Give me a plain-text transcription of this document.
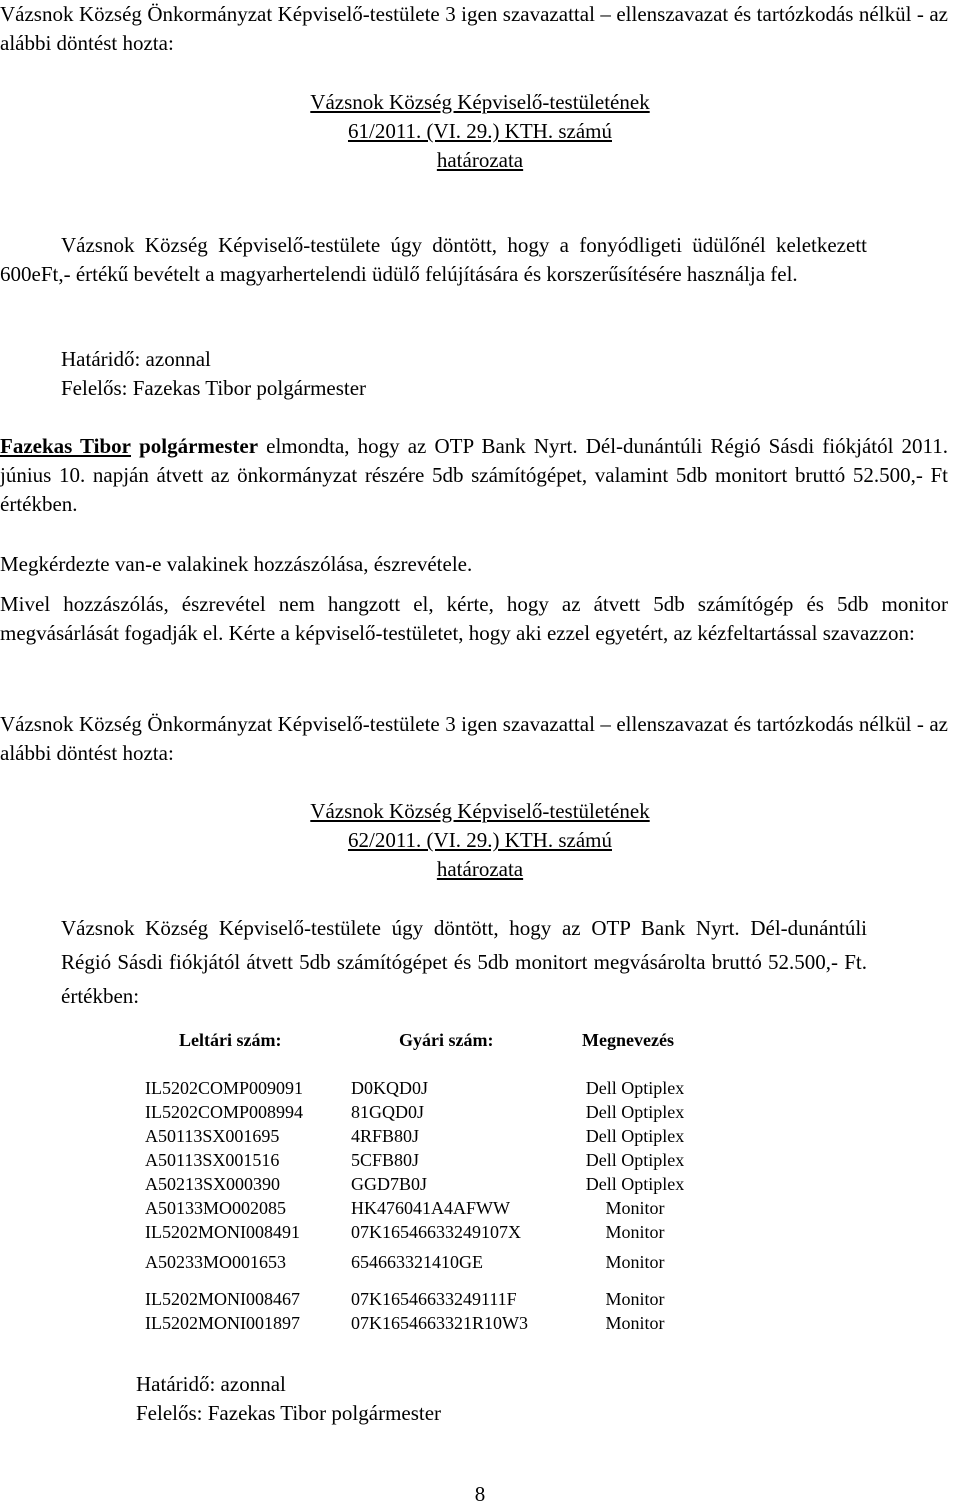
Vázsnok Község Önkormányzat Képviselő-testülete 3 igen szavazattal – ellenszavazat és tartózkodás nélkül - az alábbi döntést hozta:

Vázsnok Község Képviselő-testületének
61/2011. (VI. 29.) KTH. számú
határozata

Vázsnok Község Képviselő-testülete úgy döntött, hogy a fonyódligeti üdülőnél keletkezett 600eFt,- értékű bevételt a magyarhertelendi üdülő felújítására és korszerűsítésére használja fel.

Határidő: azonnal
Felelős: Fazekas Tibor polgármester

Fazekas Tibor polgármester elmondta, hogy az OTP Bank Nyrt. Dél-dunántúli Régió Sásdi fiókjától 2011. június 10. napján átvett az önkormányzat részére 5db számítógépet, valamint 5db monitort bruttó 52.500,- Ft értékben.

Megkérdezte van-e valakinek hozzászólása, észrevétele.

Mivel hozzászólás, észrevétel nem hangzott el, kérte, hogy az átvett 5db számítógép és 5db monitor megvásárlását fogadják el. Kérte a képviselő-testületet, hogy aki ezzel egyetért, az kézfeltartással szavazzon:

Vázsnok Község Önkormányzat Képviselő-testülete 3 igen szavazattal – ellenszavazat és tartózkodás nélkül - az alábbi döntést hozta:

Vázsnok Község Képviselő-testületének
62/2011. (VI. 29.) KTH. számú
határozata

Vázsnok Község Képviselő-testülete úgy döntött, hogy az OTP Bank Nyrt. Dél-dunántúli Régió Sásdi fiókjától átvett 5db számítógépet és 5db monitort megvásárolta bruttó 52.500,- Ft. értékben:

Leltári szám:	Gyári szám:	Megnevezés
IL5202COMP009091	D0KQD0J	Dell Optiplex
IL5202COMP008994	81GQD0J	Dell Optiplex
A50113SX001695	4RFB80J	Dell Optiplex
A50113SX001516	5CFB80J	Dell Optiplex
A50213SX000390	GGD7B0J	Dell Optiplex
A50133MO002085	HK476041A4AFWW	Monitor
IL5202MONI008491	07K16546633249107X	Monitor
A50233MO001653	654663321410GE	Monitor
IL5202MONI008467	07K16546633249111F	Monitor
IL5202MONI001897	07K1654663321R10W3	Monitor
Határidő: azonnal
Felelős: Fazekas Tibor polgármester
8
